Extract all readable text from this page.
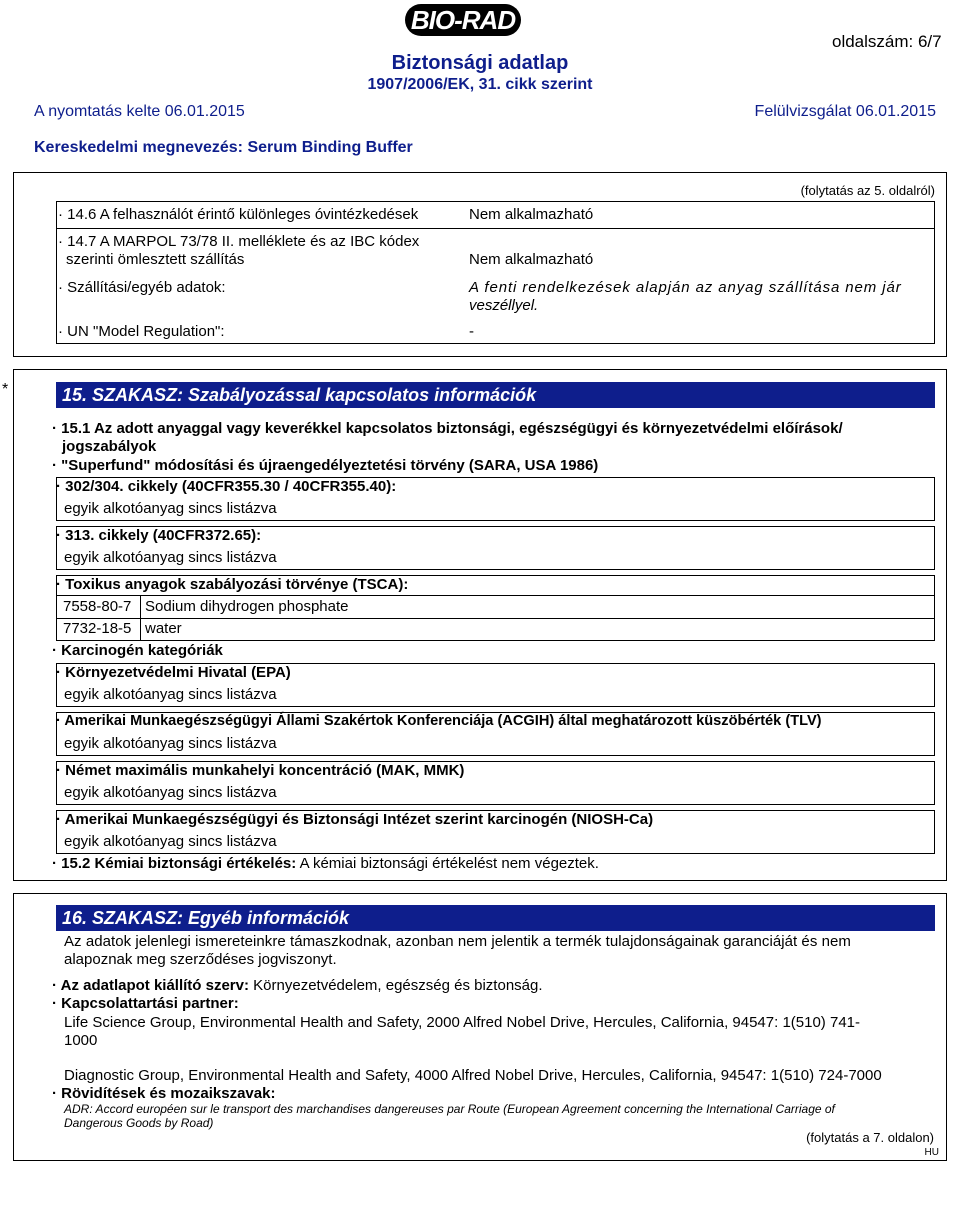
BIO-RAD
oldalszám: 6/7
Biztonsági adatlap
1907/2006/EK, 31. cikk szerint
A nyomtatás kelte 06.01.2015	Felülvizsgálat 06.01.2015
Kereskedelmi megnevezés: Serum Binding Buffer
(folytatás az 5. oldalról)
· 14.6 A felhasználót érintő különleges óvintézkedések	Nem alkalmazható
· 14.7 A MARPOL 73/78 II. melléklete és az IBC kódex
szerinti ömlesztett szállítás	Nem alkalmazható
· Szállítási/egyéb adatok:	A fenti rendelkezések alapján az anyag szállítása nem jár
veszéllyel.
· UN "Model Regulation":	-
*	15. SZAKASZ: Szabályozással kapcsolatos információk
· 15.1 Az adott anyaggal vagy keverékkel kapcsolatos biztonsági, egészségügyi és környezetvédelmi előírások/
jogszabályok
· "Superfund" módosítási és újraengedélyeztetési törvény (SARA, USA 1986)
· 302/304. cikkely (40CFR355.30 / 40CFR355.40):
egyik alkotóanyag sincs listázva
· 313. cikkely (40CFR372.65):
egyik alkotóanyag sincs listázva
· Toxikus anyagok szabályozási törvénye (TSCA):
7558-80-7 Sodium dihydrogen phosphate
7732-18-5 water
· Karcinogén kategóriák
· Környezetvédelmi Hivatal (EPA)
egyik alkotóanyag sincs listázva
· Amerikai Munkaegészségügyi Állami Szakértok Konferenciája (ACGIH) által meghatározott küszöbérték (TLV)
egyik alkotóanyag sincs listázva
· Német maximális munkahelyi koncentráció (MAK, MMK)
egyik alkotóanyag sincs listázva
· Amerikai Munkaegészségügyi és Biztonsági Intézet szerint karcinogén (NIOSH-Ca)
egyik alkotóanyag sincs listázva
· 15.2 Kémiai biztonsági értékelés: A kémiai biztonsági értékelést nem végeztek.
16. SZAKASZ: Egyéb információk
Az adatok jelenlegi ismereteinkre támaszkodnak, azonban nem jelentik a termék tulajdonságainak garanciáját és nem
alapoznak meg szerződéses jogviszonyt.
· Az adatlapot kiállító szerv: Környezetvédelem, egészség és biztonság.
· Kapcsolattartási partner:
Life Science Group, Environmental Health and Safety, 2000 Alfred Nobel Drive, Hercules, California, 94547: 1(510) 741-
1000
Diagnostic Group, Environmental Health and Safety, 4000 Alfred Nobel Drive, Hercules, California, 94547: 1(510) 724-7000
· Rövidítések és mozaikszavak:
ADR: Accord européen sur le transport des marchandises dangereuses par Route (European Agreement concerning the International Carriage of
Dangerous Goods by Road)
(folytatás a 7. oldalon)
HU
